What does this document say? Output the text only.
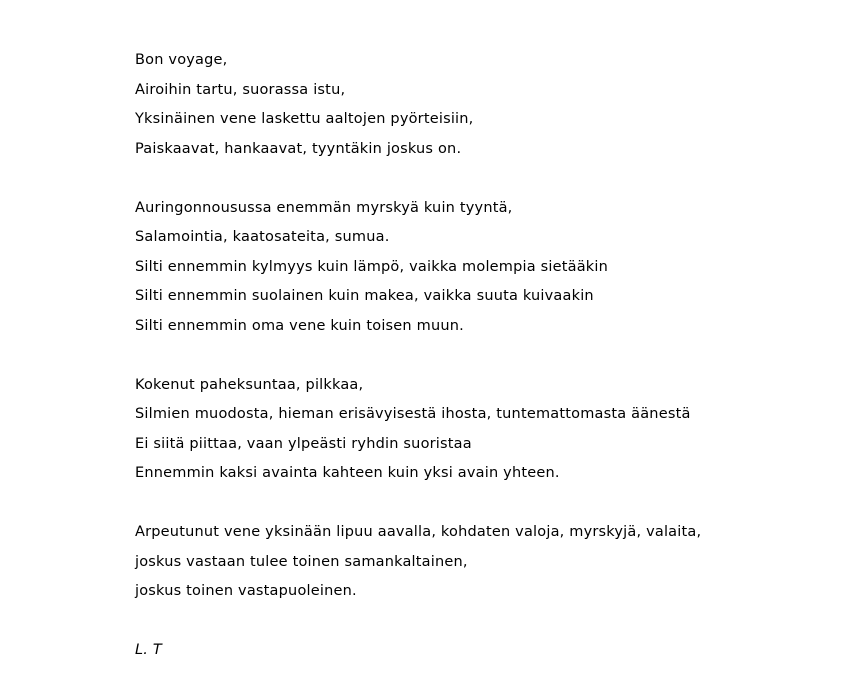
Bon voyage,

Airoihin tartu, suorassa istu,

Yksinäinen vene laskettu aaltojen pyörteisiin,

Paiskaavat, hankaavat, tyyntäkin joskus on.

Auringonnousussa enemmän myrskyä kuin tyyntä,

Salamointia, kaatosateita, sumua.

Silti ennemmin kylmyys kuin lämpö, vaikka molempia sietääkin

Silti ennemmin suolainen kuin makea, vaikka suuta kuivaakin

Silti ennemmin oma vene kuin toisen muun.

Kokenut paheksuntaa, pilkkaa,

Silmien muodosta, hieman erisävyisestä ihosta, tuntemattomasta äänestä

Ei siitä piittaa, vaan ylpeästi ryhdin suoristaa

Ennemmin kaksi avainta kahteen kuin yksi avain yhteen.

Arpeutunut vene yksinään lipuu aavalla, kohdaten valoja, myrskyjä, valaita,

joskus vastaan tulee toinen samankaltainen,

joskus toinen vastapuoleinen.

L. T
